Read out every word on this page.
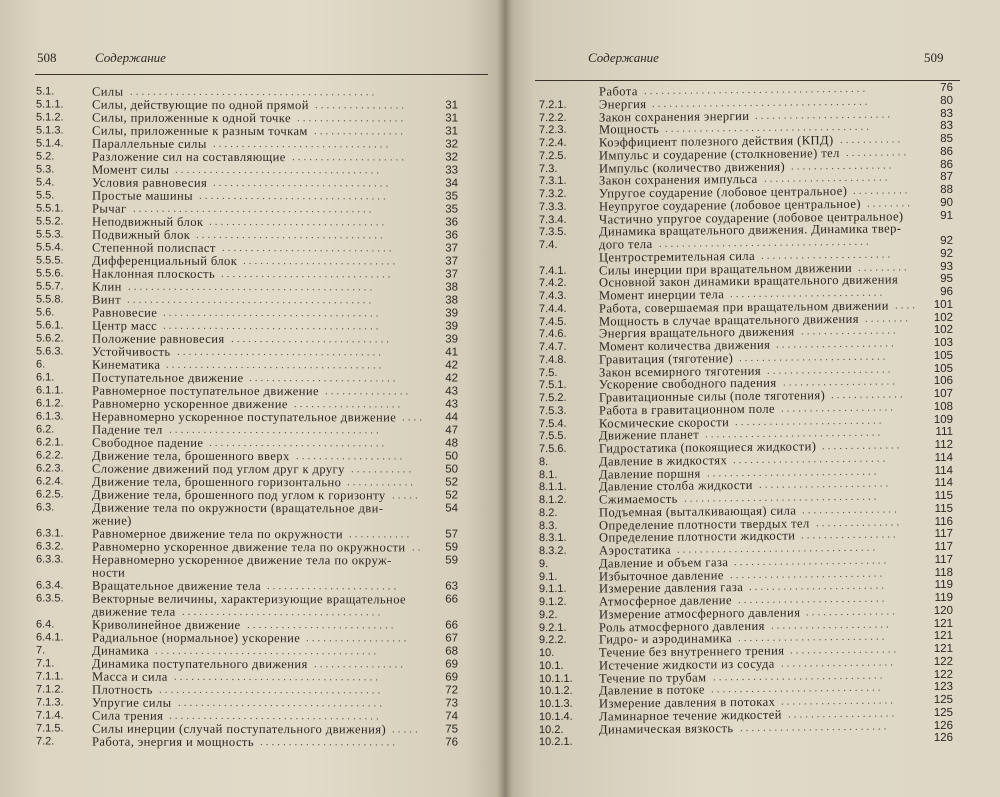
508	Содержание
5.1.	Силы ...........................................
5.1.1. Силы, действующие по одной прямой ................	31
5.1.2. Силы, приложенные к одной точке ...................	31
5.1.3. Силы, приложенные к разным точкам ................	31
5.1.4. Параллельные силы ...............................	32
5.2.	Разложение сил на составляющие ....................	32
5.3.	Момент силы ....................................	33
5.4.	Условия равновесия ...............................	34
5.5.	Простые машины .................................	35
5.5.1. Рычаг ..........................................	35
5.5.2. Неподвижный блок ...............................	36
5.5.3. Подвижный блок .................................	36
5.5.4. Степенной полиспаст ..............................	37
5.5.5. Дифференциальный блок ...........................	37
5.5.6. Наклонная плоскость ..............................	37
5.5.7. Клин ...........................................	38
5.5.8. Винт ...........................................	38
5.6.	Равновесие ......................................	39
5.6.1. Центр масс ......................................	39
5.6.2. Положение равновесия ............................	39
5.6.3. Устойчивость ....................................	41
6.	Кинематика ......................................	42
6.1.	Поступательное движение ..........................	42
6.1.1. Равномерное поступательное движение ...............	43
6.1.2. Равномерно ускоренное движение ...................	43
6.1.3. Неравномерно ускоренное поступательное движение ....	44
6.2.	Падение тел .....................................	47
6.2.1. Свободное падение ...............................	48
6.2.2. Движение тела, брошенного вверх ...................	50
6.2.3. Сложение движений под углом друг к другу ...........	50
6.2.4. Движение тела, брошенного горизонтально ............	52
6.2.5. Движение тела, брошенного под углом к горизонту .....	52
6.3.	Движение тела по окружности (вращательное дви-	54
жение)
6.3.1. Равномерное движение тела по окружности ...........	57
6.3.2. Равномерно ускоренное движение тела по окружности ..	59
6.3.3. Неравномерно ускоренное движение тела по окруж-	59
ности
6.3.4. Вращательное движение тела .......................	63
6.3.5. Векторные величины, характеризующие вращательное	66
движение тела ...................................
6.4.	Криволинейное движение ..........................	66
6.4.1. Радиальное (нормальное) ускорение ..................	67
7.	Динамика .......................................	68
7.1.	Динамика поступательного движения ................	69
7.1.1. Масса и сила ....................................	69
7.1.2. Плотность .......................................	72
7.1.3. Упругие силы ....................................	73
7.1.4. Сила трения .....................................	74
7.1.5. Силы инерции (случай поступательного движения) .....	75
7.2.	Работа, энергия и мощность ........................	76
Содержание	509
Работа .......................................	76
7.2.1.	Энергия ......................................	80
7.2.2.	Закон сохранения энергии ........................	83
7.2.3.	Мощность ....................................	83
7.2.4.	Коэффициент полезного действия (КПД) ...........	85
7.2.5.	Импульс и соударение (столкновение) тел ...........	86
7.3.	Импульс (количество движения) ..................	86
7.3.1.	Закон сохранения импульса ......................	87
7.3.2.	Упругое соударение (лобовое центральное) ..........	88
7.3.3.	Неупругое соударение (лобовое центральное) ........	90
7.3.4.	Частично упругое соударение (лобовое центральное)	91
7.3.5.	Динамика вращательного движения. Динамика твер-
7.4.	дого тела .....................................	92
Центростремительная сила .......................	92
7.4.1.	Силы инерции при вращательном движении .........	93
7.4.2.	Основной закон динамики вращательного движения	95
7.4.3.	Момент инерции тела ...........................	96
7.4.4.	Работа, совершаемая при вращательном движении ....	101
7.4.5.	Мощность в случае вращательного движения ........	102
7.4.6.	Энергия вращательного движения .................	102
7.4.7.	Момент количества движения .....................	103
7.4.8.	Гравитация (тяготение) ..........................	105
7.5.	Закон всемирного тяготения ......................	105
7.5.1.	Ускорение свободного падения ....................	106
7.5.2.	Гравитационные силы (поле тяготения) .............	107
7.5.3.	Работа в гравитационном поле ....................	108
7.5.4.	Космические скорости ..........................	109
7.5.5.	Движение планет ...............................	111
7.5.6.	Гидростатика (покоящиеся жидкости) ..............	112
8.	Давление в жидкостях ...........................	114
8.1.	Давление поршня ..............................	114
8.1.1.	Давление столба жидкости .......................	114
8.1.2.	Сжимаемость ..................................	115
8.2.	Подъемная (выталкивающая) сила .................	115
8.3.	Определение плотности твердых тел ...............	116
8.3.1.	Определение плотности жидкости .................	117
8.3.2.	Аэростатика ...................................	117
9.	Давление и объем газа ...........................	117
9.1.	Избыточное давление ...........................	118
9.1.1.	Измерение давления газа ........................	119
9.1.2.	Атмосферное давление ..........................	119
9.2.	Измерение атмосферного давления ................	120
9.2.1.	Роль атмосферного давления .....................	121
9.2.2.	Гидро- и аэродинамика ..........................	121
10.	Течение без внутреннего трения ...................	121
10.1.	Истечение жидкости из сосуда ....................	122
10.1.1. Течение по трубам ..............................	122
10.1.2. Давление в потоке ..............................	123
10.1.3. Измерение давления в потоках ....................	125
10.1.4. Ламинарное течение жидкостей ...................	125
10.2.	Динамическая вязкость ..........................	126
10.2.1.	126
